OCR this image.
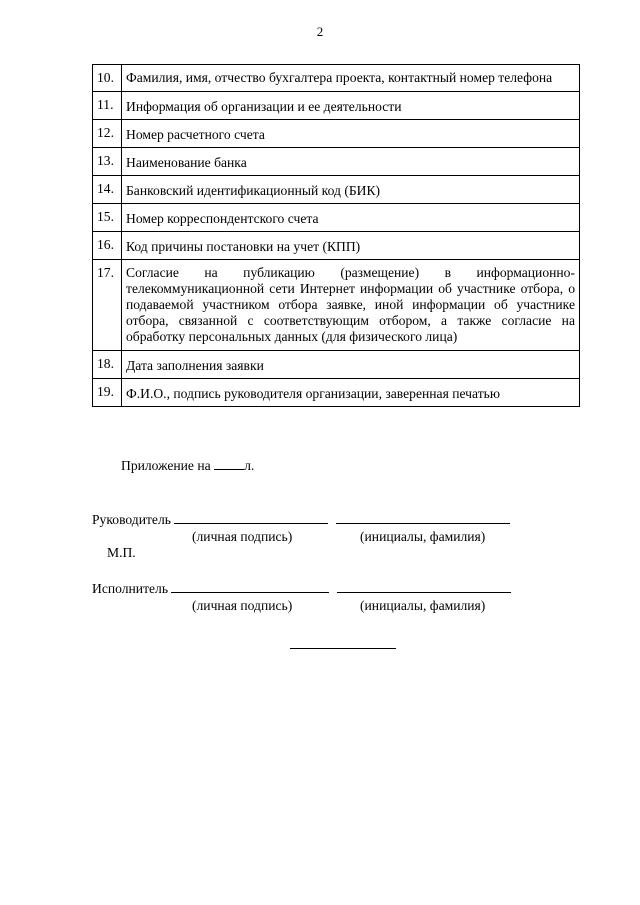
2
10.	Фамилия, имя, отчество бухгалтера проекта, контактный номер телефона
11.	Информация об организации и ее деятельности
12.	Номер расчетного счета
13.	Наименование банка
14.	Банковский идентификационный код (БИК)
15.	Номер корреспондентского счета
16.	Код причины постановки на учет (КПП)
17.	Согласие на публикацию (размещение) в информационно-телекоммуникационной сети Интернет информации об участнике отбора, о подаваемой участником отбора заявке, иной информации об участнике отбора, связанной с соответствующим отбором, а также согласие на обработку персональных данных (для физического лица)
18.	Дата заполнения заявки
19.	Ф.И.О., подпись руководителя организации, заверенная печатью
Приложение на л.
Руководитель
(личная подпись)	(инициалы, фамилия)
М.П.
Исполнитель
(личная подпись)	(инициалы, фамилия)
